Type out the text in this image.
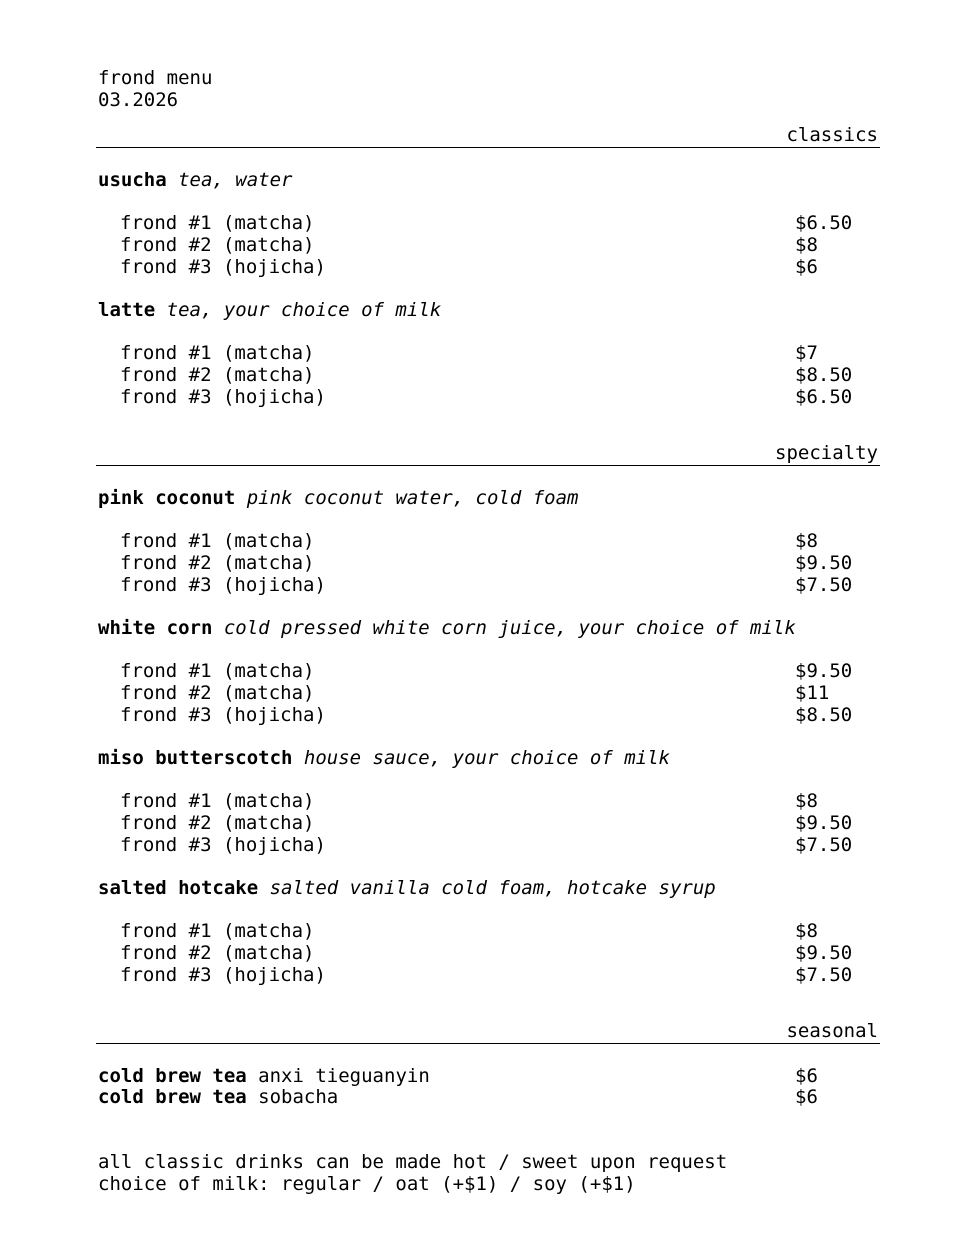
frond menu
03.2026
classics
usucha tea, water
frond #1 (matcha)	$6.50
frond #2 (matcha)	$8
frond #3 (hojicha)	$6
latte tea, your choice of milk
frond #1 (matcha)	$7
frond #2 (matcha)	$8.50
frond #3 (hojicha)	$6.50
specialty
pink coconut pink coconut water, cold foam
frond #1 (matcha)	$8
frond #2 (matcha)	$9.50
frond #3 (hojicha)	$7.50
white corn cold pressed white corn juice, your choice of milk
frond #1 (matcha)	$9.50
frond #2 (matcha)	$11
frond #3 (hojicha)	$8.50
miso butterscotch house sauce, your choice of milk
frond #1 (matcha)	$8
frond #2 (matcha)	$9.50
frond #3 (hojicha)	$7.50
salted hotcake salted vanilla cold foam, hotcake syrup
frond #1 (matcha)	$8
frond #2 (matcha)	$9.50
frond #3 (hojicha)	$7.50
seasonal
cold brew tea anxi tieguanyin	$6
cold brew tea sobacha	$6
all classic drinks can be made hot / sweet upon request
choice of milk: regular / oat (+$1) / soy (+$1)
